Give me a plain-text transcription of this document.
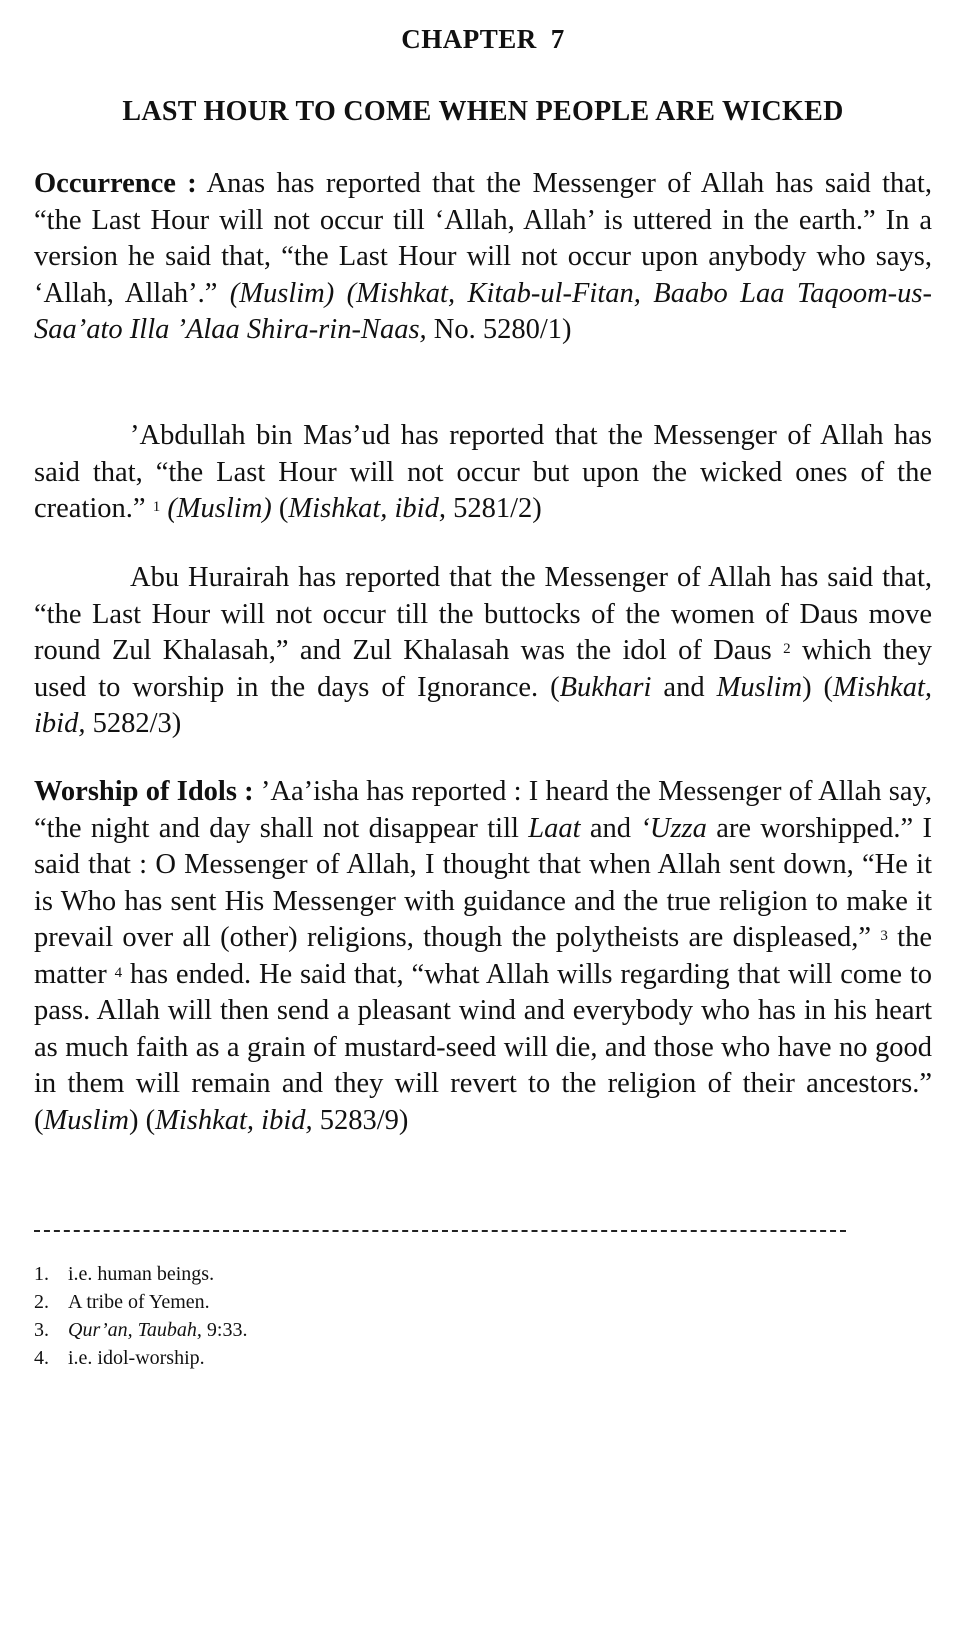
CHAPTER 7
LAST HOUR TO COME WHEN PEOPLE ARE WICKED

Occurrence : Anas has reported that the Messenger of Allah has said that, “the Last Hour will not occur till ‘Allah, Allah’ is uttered in the earth.” In a version he said that, “the Last Hour will not occur upon anybody who says, ‘Allah, Allah’.” (Muslim) (Mishkat, Kitab-ul-Fitan, Baabo Laa Taqoom-us-Saa’ato Illa ’Alaa Shira-rin-Naas, No. 5280/1)

’Abdullah bin Mas’ud has reported that the Messenger of Allah has said that, “the Last Hour will not occur but upon the wicked ones of the creation.” $^1$ (Muslim) (Mishkat, ibid, 5281/2)

Abu Hurairah has reported that the Messenger of Allah has said that, “the Last Hour will not occur till the buttocks of the women of Daus move round Zul Khalasah,” and Zul Khalasah was the idol of Daus $^2$ which they used to worship in the days of Ignorance. (Bukhari and Muslim) (Mishkat, ibid, 5282/3)

Worship of Idols : ’Aa’isha has reported : I heard the Messenger of Allah say, “the night and day shall not disappear till Laat and ‘Uzza are worshipped.” I said that : O Messenger of Allah, I thought that when Allah sent down, “He it is Who has sent His Messenger with guidance and the true religion to make it prevail over all (other) religions, though the polytheists are displeased,” $^3$ the matter $^4$ has ended. He said that, “what Allah wills regarding that will come to pass. Allah will then send a pleasant wind and everybody who has in his heart as much faith as a grain of mustard-seed will die, and those who have no good in them will remain and they will revert to the religion of their ancestors.” (Muslim) (Mishkat, ibid, 5283/9)

1. i.e. human beings.
2. A tribe of Yemen.
3. Qur’an, Taubah, 9:33.
4. i.e. idol-worship.
